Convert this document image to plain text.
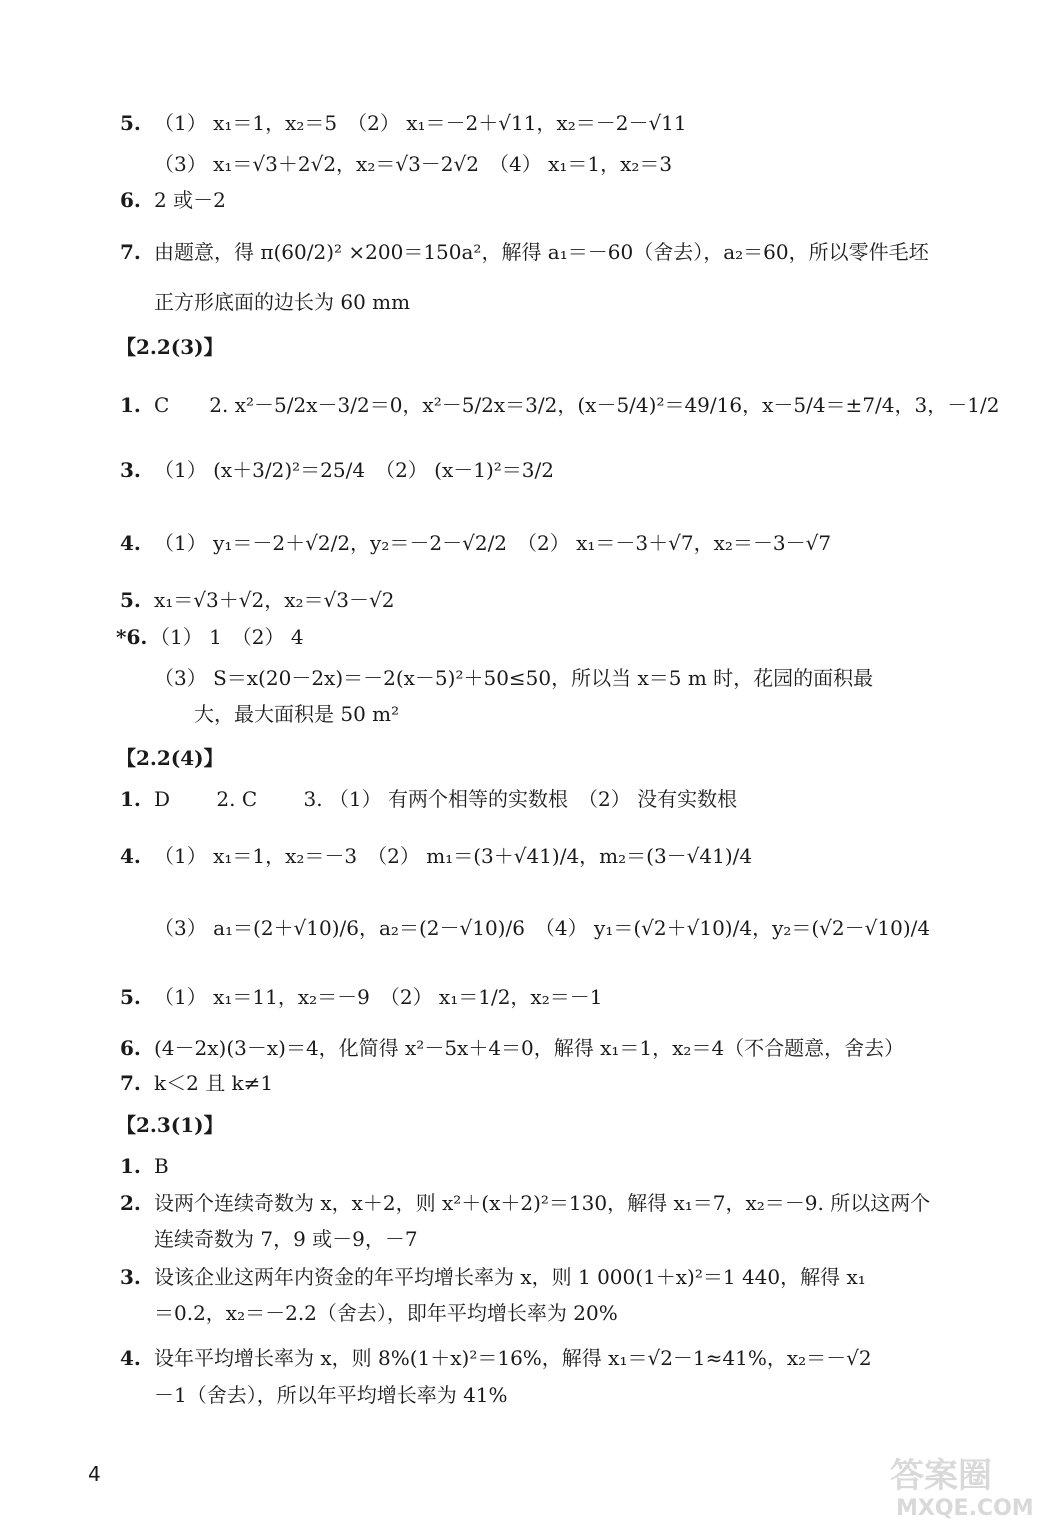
5. （1） x₁＝1，x₂＝5　（2） x₁＝－2＋√11，x₂＝－2－√11
（3） x₁＝√3＋2√2，x₂＝√3－2√2　（4） x₁＝1，x₂＝3
6. 2 或－2
7. 由题意，得 π(60/2)² ×200＝150a²，解得 a₁＝－60（舍去），a₂＝60，所以零件毛坯
正方形底面的边长为 60 mm
【2.2(3)】
1. C　　2. x²－5/2x－3/2＝0，x²－5/2x＝3/2，(x－5/4)²＝49/16，x－5/4＝±7/4，3，－1/2
3. （1） (x＋3/2)²＝25/4　（2） (x－1)²＝3/2
4. （1） y₁＝－2＋√2/2，y₂＝－2－√2/2　（2） x₁＝－3＋√7，x₂＝－3－√7
5. x₁＝√3＋√2，x₂＝√3－√2
*6. （1） 1　（2） 4
（3） S＝x(20－2x)＝－2(x－5)²＋50≤50，所以当 x＝5 m 时，花园的面积最
　　大，最大面积是 50 m²
【2.2(4)】
1. D　　 2. C　　 3. （1） 有两个相等的实数根　（2） 没有实数根
4. （1） x₁＝1，x₂＝－3　（2） m₁＝(3＋√41)/4，m₂＝(3－√41)/4
（3） a₁＝(2＋√10)/6，a₂＝(2－√10)/6　（4） y₁＝(√2＋√10)/4，y₂＝(√2－√10)/4
5. （1） x₁＝11，x₂＝－9　（2） x₁＝1/2，x₂＝－1
6. (4－2x)(3－x)＝4，化简得 x²－5x＋4＝0，解得 x₁＝1，x₂＝4（不合题意，舍去）
7. k＜2 且 k≠1
【2.3(1)】
1. B
2. 设两个连续奇数为 x，x＋2，则 x²＋(x＋2)²＝130，解得 x₁＝7，x₂＝－9. 所以这两个
连续奇数为 7，9 或－9，－7
3. 设该企业这两年内资金的年平均增长率为 x，则 1 000(1＋x)²＝1 440，解得 x₁
＝0.2，x₂＝－2.2（舍去），即年平均增长率为 20%
4. 设年平均增长率为 x，则 8%(1＋x)²＝16%，解得 x₁＝√2－1≈41%，x₂＝－√2
－1（舍去），所以年平均增长率为 41%
4	答案圈
MXQE.COM
